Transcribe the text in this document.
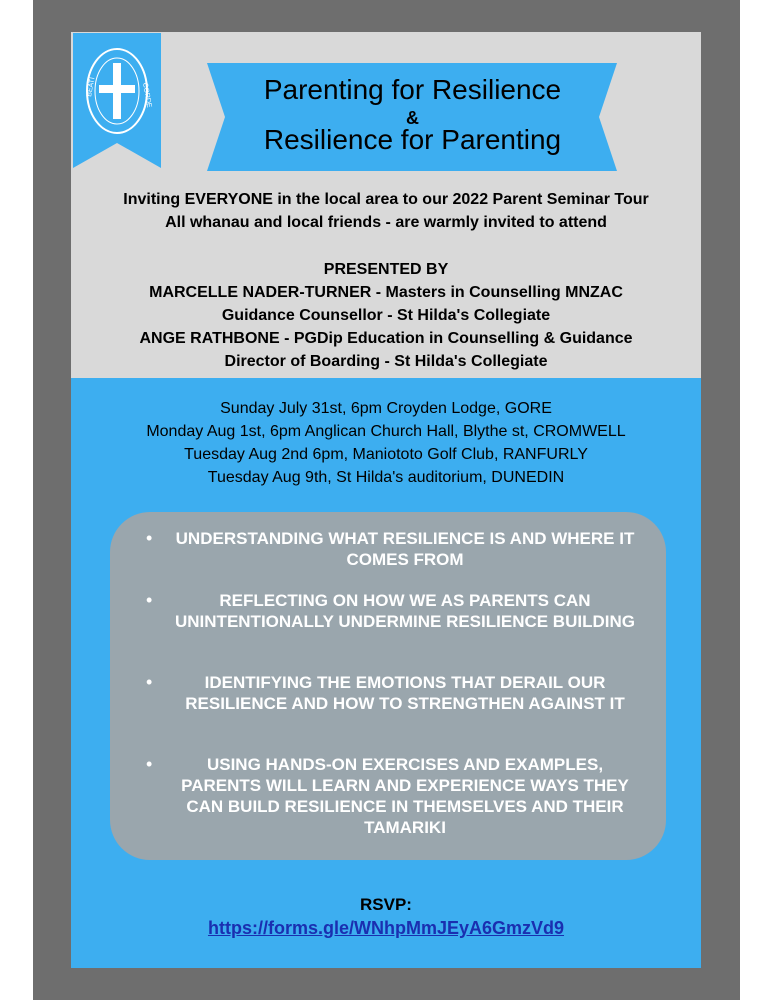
BEATI	CORDE	Parenting for Resilience
&
Resilience for Parenting
Inviting EVERYONE in the local area to our 2022 Parent Seminar Tour
All whanau and local friends - are warmly invited to attend
PRESENTED BY
MARCELLE NADER-TURNER - Masters in Counselling MNZAC
Guidance Counsellor - St Hilda's Collegiate
ANGE RATHBONE - PGDip Education in Counselling & Guidance
Director of Boarding - St Hilda's Collegiate
Sunday July 31st, 6pm Croyden Lodge, GORE
Monday Aug 1st, 6pm Anglican Church Hall, Blythe st, CROMWELL
Tuesday Aug 2nd 6pm, Maniototo Golf Club, RANFURLY
Tuesday Aug 9th, St Hilda's auditorium, DUNEDIN
•	UNDERSTANDING WHAT RESILIENCE IS AND WHERE IT COMES FROM
•	REFLECTING ON HOW WE AS PARENTS CAN UNINTENTIONALLY UNDERMINE RESILIENCE BUILDING
•	IDENTIFYING THE EMOTIONS THAT DERAIL OUR RESILIENCE AND HOW TO STRENGTHEN AGAINST IT
•	USING HANDS-ON EXERCISES AND EXAMPLES, PARENTS WILL LEARN AND EXPERIENCE WAYS THEY CAN BUILD RESILIENCE IN THEMSELVES AND THEIR TAMARIKI
RSVP:
https://forms.gle/WNhpMmJEyA6GmzVd9
